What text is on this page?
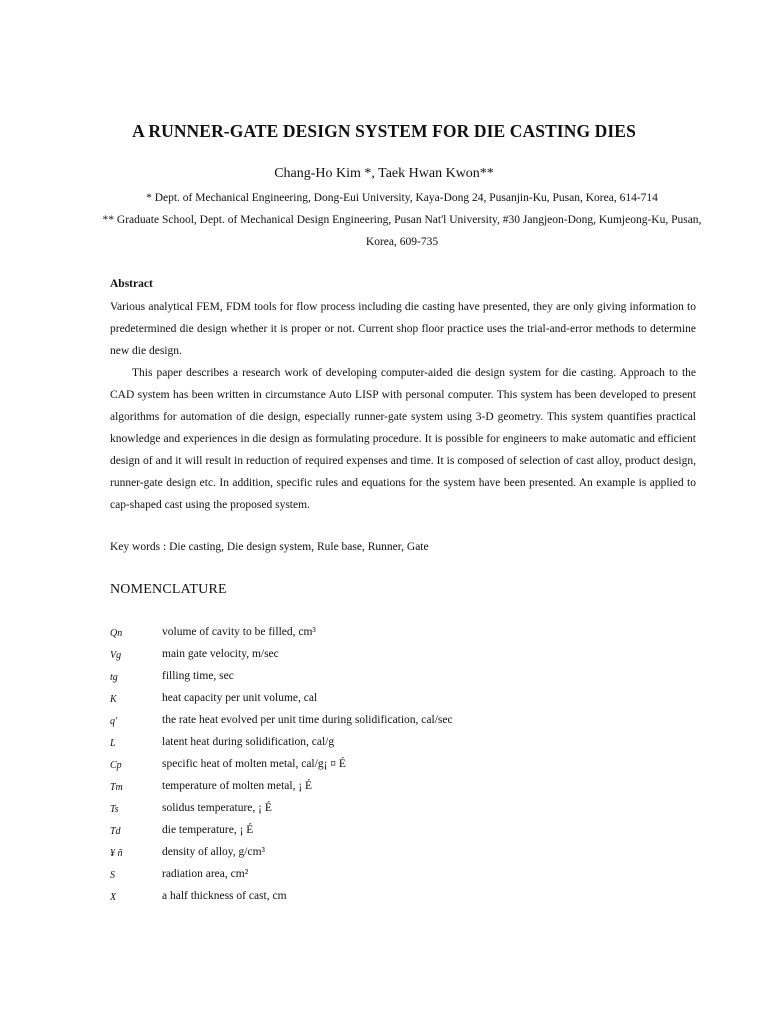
A RUNNER-GATE DESIGN SYSTEM FOR DIE CASTING DIES
Chang-Ho Kim *, Taek Hwan Kwon**
* Dept. of Mechanical Engineering, Dong-Eui University, Kaya-Dong 24, Pusanjin-Ku, Pusan, Korea, 614-714
** Graduate School, Dept. of Mechanical Design Engineering, Pusan Nat'l University, #30 Jangjeon-Dong, Kumjeong-Ku, Pusan, Korea, 609-735
Abstract

Various analytical FEM, FDM tools for flow process including die casting have presented, they are only giving information to predetermined die design whether it is proper or not. Current shop floor practice uses the trial-and-error methods to determine new die design.

This paper describes a research work of developing computer-aided die design system for die casting. Approach to the CAD system has been written in circumstance Auto LISP with personal computer. This system has been developed to present algorithms for automation of die design, especially runner-gate system using 3-D geometry. This system quantifies practical knowledge and experiences in die design as formulating procedure. It is possible for engineers to make automatic and efficient design of and it will result in reduction of required expenses and time. It is composed of selection of cast alloy, product design, runner-gate design etc. In addition, specific rules and equations for the system have been presented. An example is applied to cap-shaped cast using the proposed system.

Key words : Die casting, Die design system, Rule base, Runner, Gate
NOMENCLATURE
Qn	volume of cavity to be filled, cm³
Vg	main gate velocity, m/sec
tg	filling time, sec
K	heat capacity per unit volume, cal
q'	the rate heat evolved per unit time during solidification, cal/sec
L	latent heat during solidification, cal/g
Cp	specific heat of molten metal, cal/g¡ ¤ É
Tm	temperature of molten metal, ¡ É
Ts	solidus temperature, ¡ É
Td	die temperature, ¡ É
¥ ñ	density of alloy, g/cm³
S	radiation area, cm²
X	a half thickness of cast, cm
